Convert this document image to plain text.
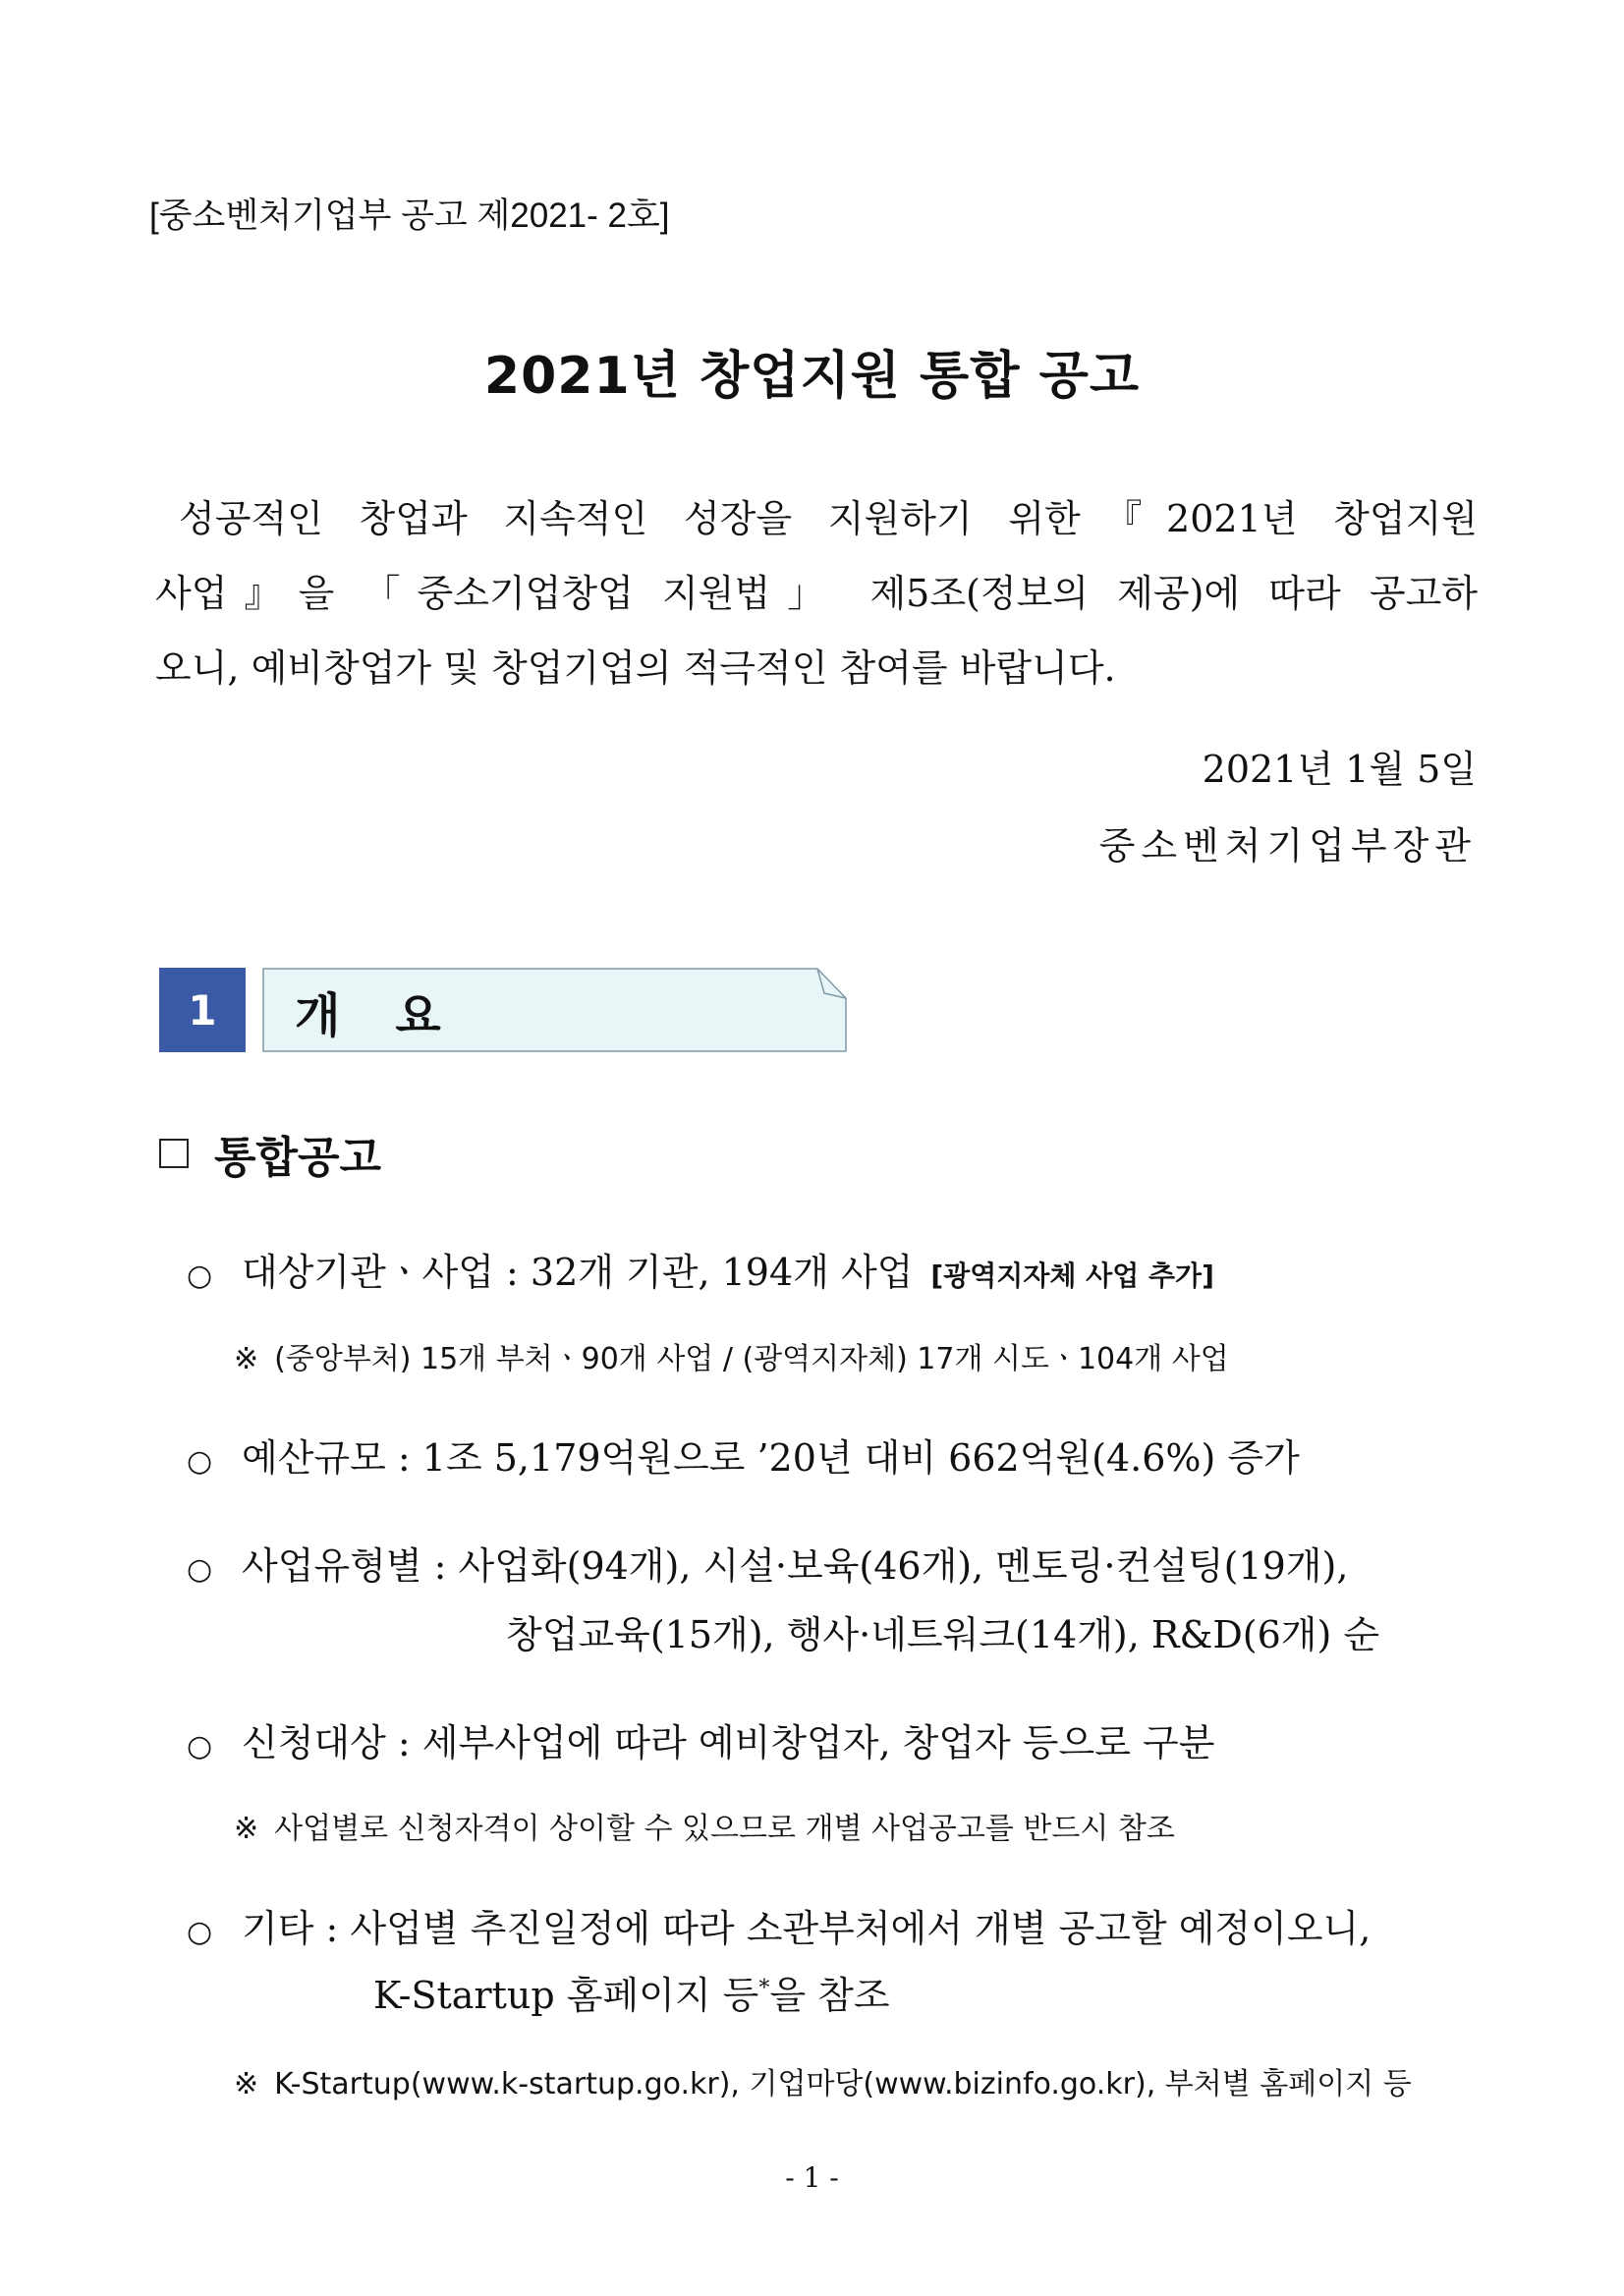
[중소벤처기업부 공고 제2021- 2호]
2021년 창업지원 통합 공고
성공적인 창업과 지속적인 성장을 지원하기 위한『2021년 창업지원
사업』을 「중소기업창업 지원법」 제5조(정보의 제공)에 따라 공고하
오니, 예비창업가 및 창업기업의 적극적인 참여를 바랍니다.
2021년 1월 5일
중소벤처기업부장관
1	개 요
통합공고
○ 대상기관ㆍ사업 : 32개 기관, 194개 사업 [광역지자체 사업 추가]
※ (중앙부처) 15개 부처ㆍ90개 사업 / (광역지자체) 17개 시도ㆍ104개 사업
○ 예산규모 : 1조 5,179억원으로 ’20년 대비 662억원(4.6%) 증가
○ 사업유형별 : 사업화(94개), 시설·보육(46개), 멘토링·컨설팅(19개),
창업교육(15개), 행사·네트워크(14개), R&D(6개) 순
○ 신청대상 : 세부사업에 따라 예비창업자, 창업자 등으로 구분
※ 사업별로 신청자격이 상이할 수 있으므로 개별 사업공고를 반드시 참조
○ 기타 : 사업별 추진일정에 따라 소관부처에서 개별 공고할 예정이오니,
K-Startup 홈페이지 등*을 참조
※ K-Startup(www.k-startup.go.kr), 기업마당(www.bizinfo.go.kr), 부처별 홈페이지 등
- 1 -
